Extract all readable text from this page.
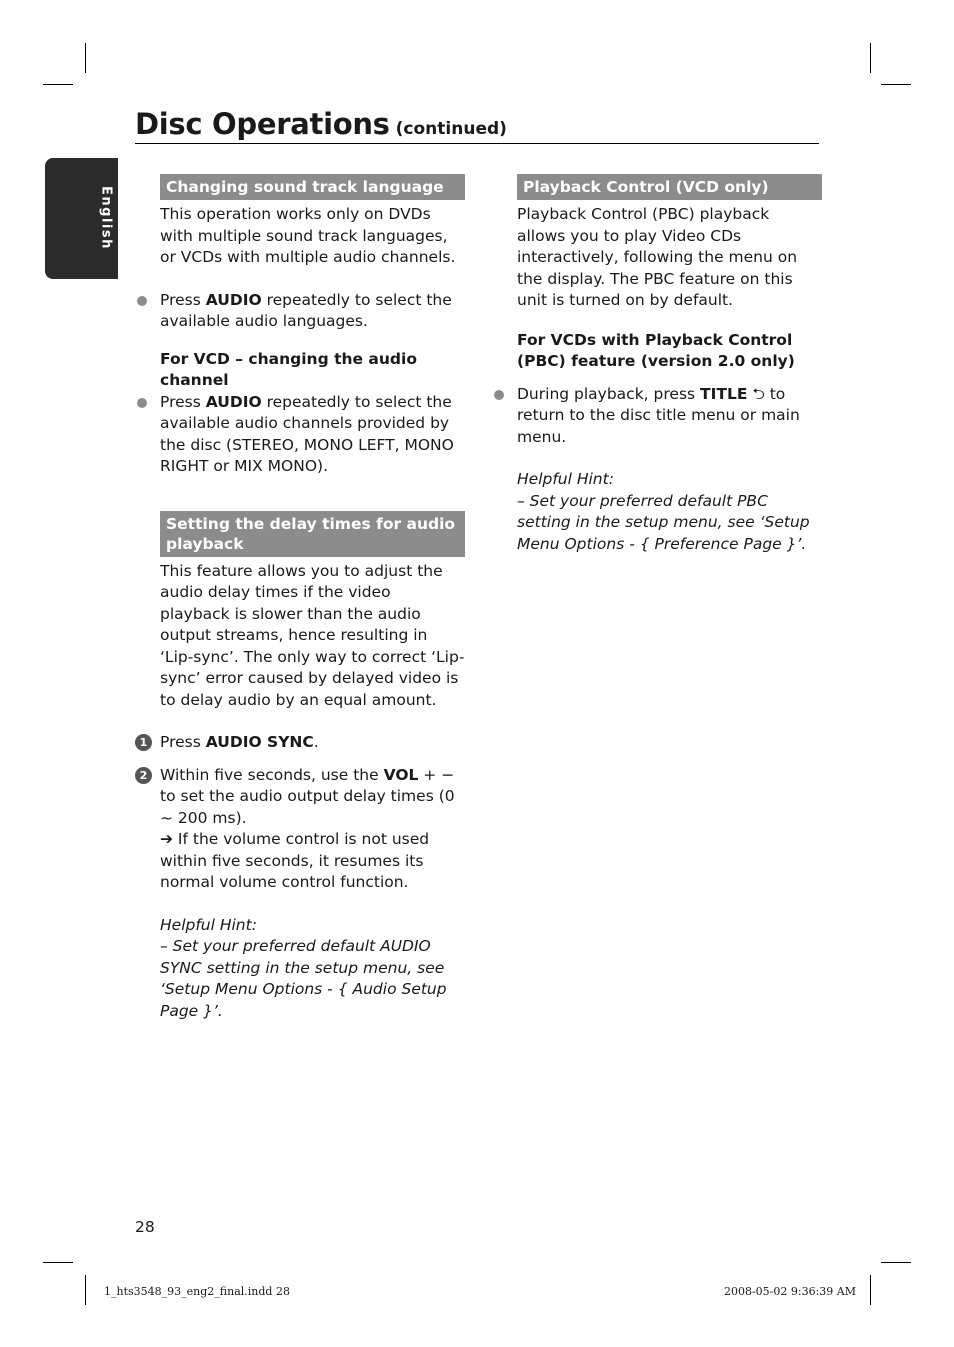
Disc Operations (continued)
English	Changing sound track language

This operation works only on DVDs with multiple sound track languages, or VCDs with multiple audio channels.

Press AUDIO repeatedly to select the available audio languages.

For VCD – changing the audio channel

Press AUDIO repeatedly to select the available audio channels provided by the disc (STEREO, MONO LEFT, MONO RIGHT or MIX MONO).

Setting the delay times for audio playback

This feature allows you to adjust the audio delay times if the video playback is slower than the audio output streams, hence resulting in ‘Lip-sync’. The only way to correct ‘Lip-sync’ error caused by delayed video is to delay audio by an equal amount.

1 Press AUDIO SYNC.

2 Within five seconds, use the VOL + − to set the audio output delay times (0 ~ 200 ms).

➔ If the volume control is not used within five seconds, it resumes its normal volume control function.

Helpful Hint:

– Set your preferred default AUDIO SYNC setting in the setup menu, see ‘Setup Menu Options - { Audio Setup Page }’.

Playback Control (VCD only)

Playback Control (PBC) playback allows you to play Video CDs interactively, following the menu on the display. The PBC feature on this unit is turned on by default.

For VCDs with Playback Control (PBC) feature (version 2.0 only)

During playback, press TITLE ⮌ to return to the disc title menu or main menu.

Helpful Hint:

– Set your preferred default PBC setting in the setup menu, see ‘Setup Menu Options - { Preference Page }’.

28
1_hts3548_93_eng2_final.indd 28	2008-05-02 9:36:39 AM
